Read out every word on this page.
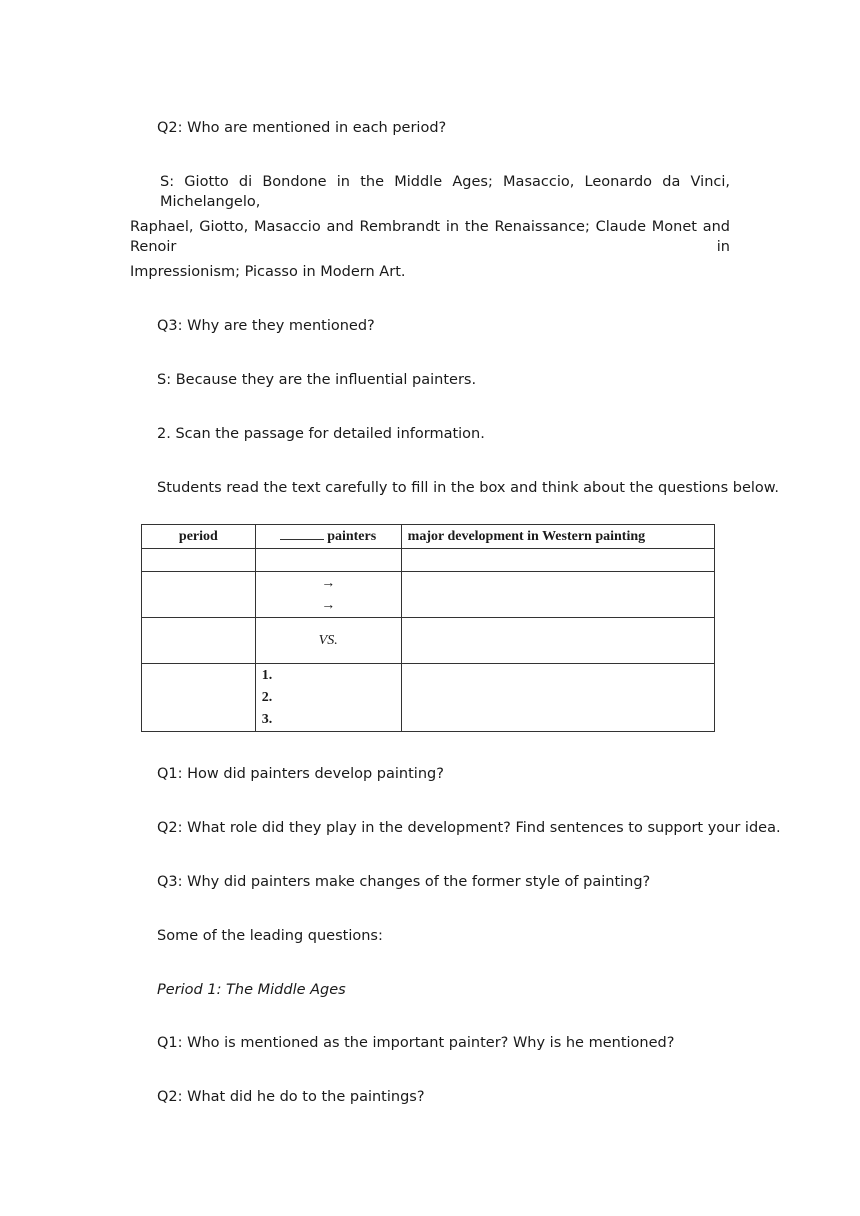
Q2: Who are mentioned in each period?
S: Giotto di Bondone in the Middle Ages; Masaccio, Leonardo da Vinci, Michelangelo,
Raphael, Giotto, Masaccio and Rembrandt in the Renaissance; Claude Monet and Renoir in
Impressionism; Picasso in Modern Art.
Q3: Why are they mentioned?
S: Because they are the influential painters.
2. Scan the passage for detailed information.
Students read the text carefully to fill in the box and think about the questions below.
period	painters	major development in Western painting

	→
→	

	VS.	

	1.
2.
3.	

Q1: How did painters develop painting?
Q2: What role did they play in the development? Find sentences to support your idea.
Q3: Why did painters make changes of the former style of painting?
Some of the leading questions:
Period 1: The Middle Ages
Q1: Who is mentioned as the important painter? Why is he mentioned?
Q2: What did he do to the paintings?
